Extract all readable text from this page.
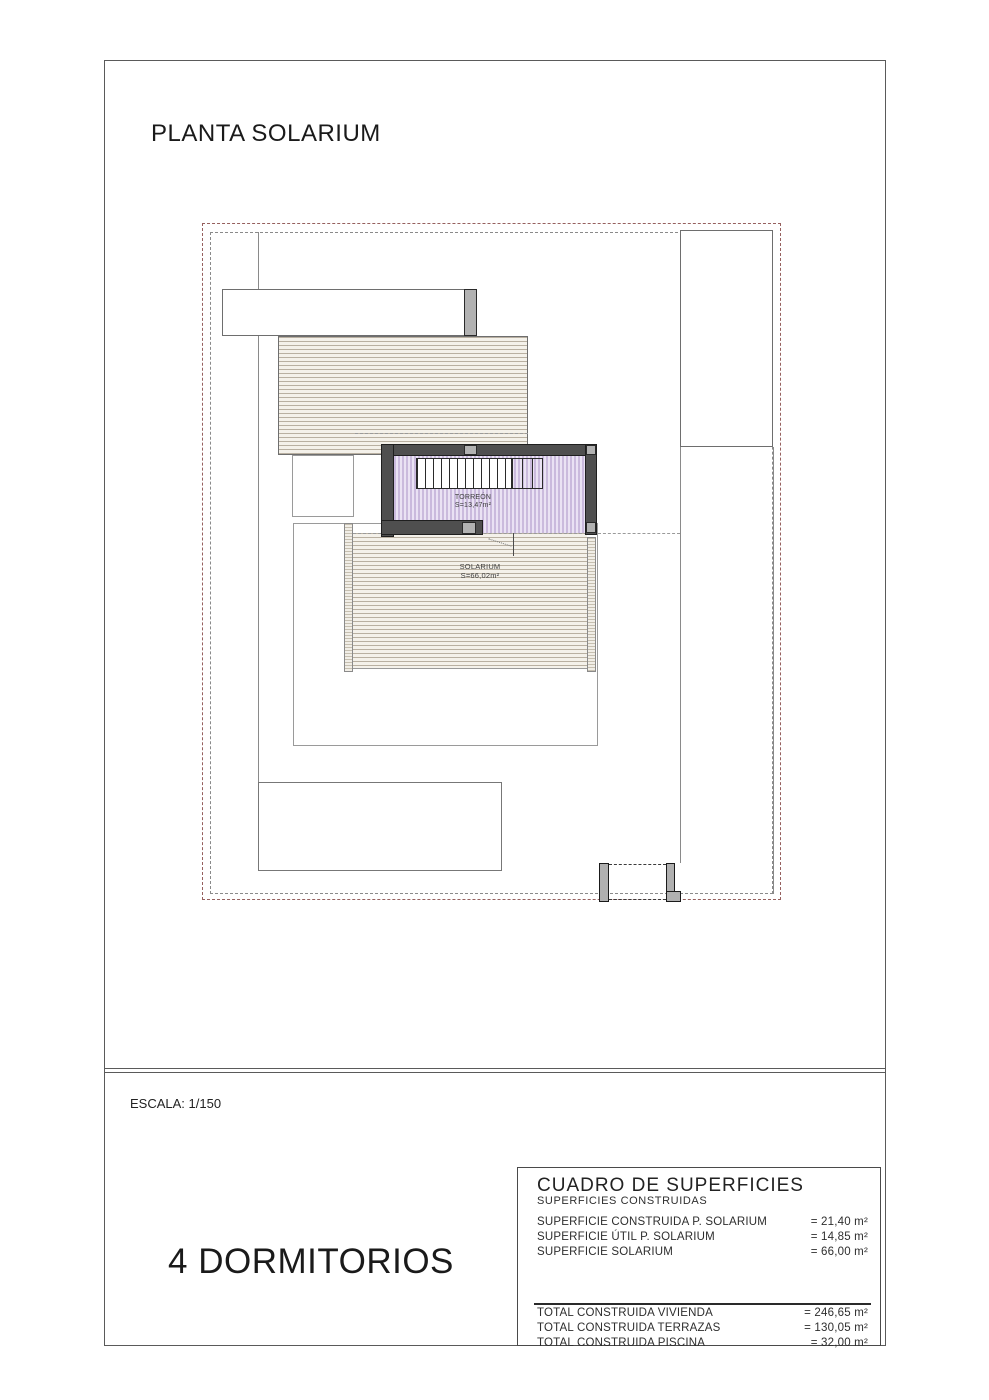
PLANTA SOLARIUM
SOLARIUM
S=66,02m²
TORREÓN
S=13,47m²
ESCALA: 1/150
4 DORMITORIOS
CUADRO DE SUPERFICIES
SUPERFICIES CONSTRUIDAS
SUPERFICIE CONSTRUIDA P. SOLARIUM	= 21,40 m²
SUPERFICIE ÚTIL P. SOLARIUM	= 14,85 m²
SUPERFICIE SOLARIUM	= 66,00 m²
TOTAL CONSTRUIDA VIVIENDA	= 246,65 m²
TOTAL CONSTRUIDA TERRAZAS	= 130,05 m²
TOTAL CONSTRUIDA PISCINA	= 32,00 m²
